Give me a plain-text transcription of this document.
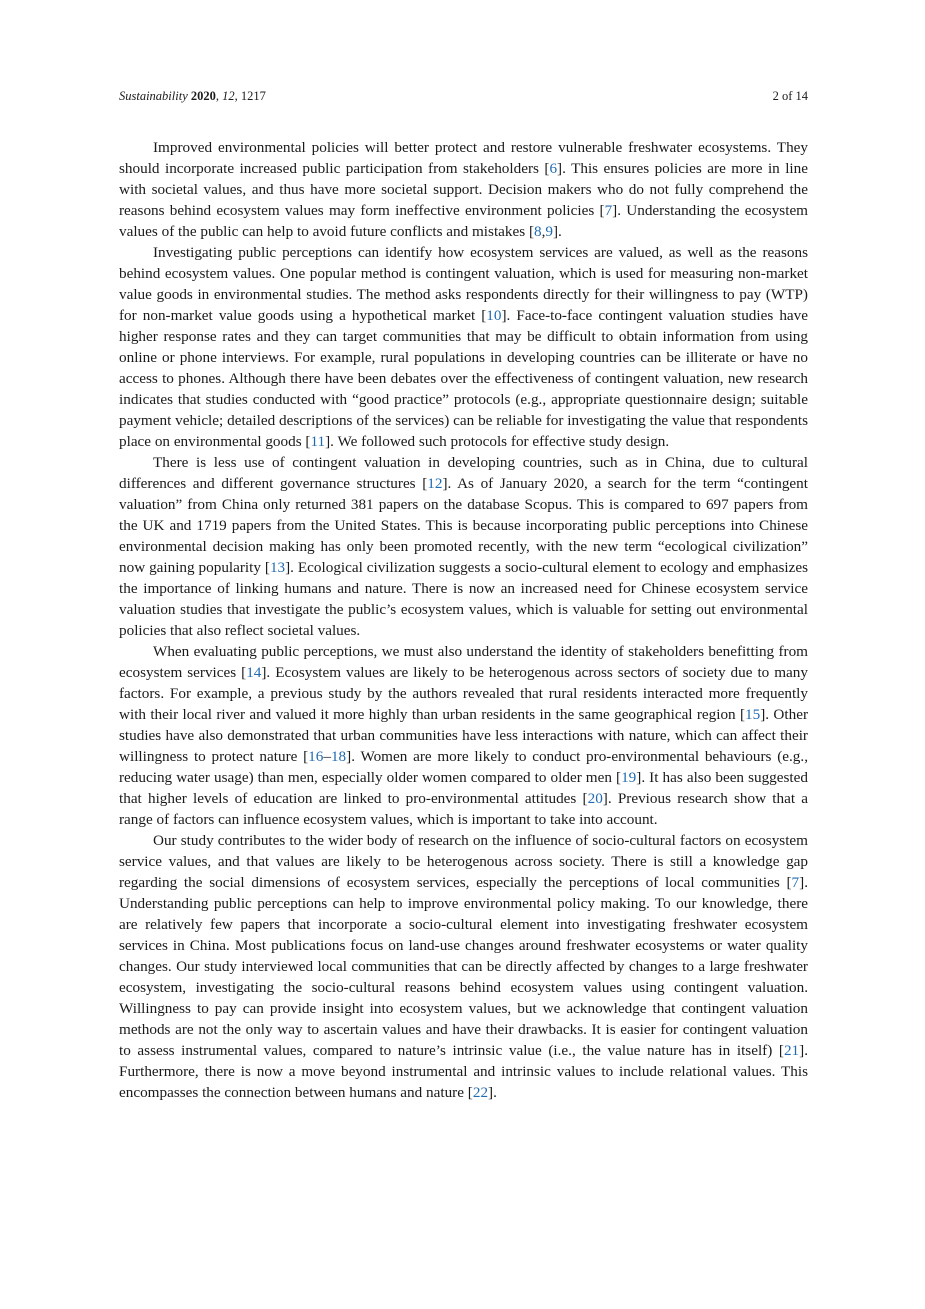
Sustainability 2020, 12, 1217	2 of 14

Improved environmental policies will better protect and restore vulnerable freshwater ecosystems. They should incorporate increased public participation from stakeholders [6]. This ensures policies are more in line with societal values, and thus have more societal support. Decision makers who do not fully comprehend the reasons behind ecosystem values may form ineffective environment policies [7]. Understanding the ecosystem values of the public can help to avoid future conflicts and mistakes [8,9].

Investigating public perceptions can identify how ecosystem services are valued, as well as the reasons behind ecosystem values. One popular method is contingent valuation, which is used for measuring non-market value goods in environmental studies. The method asks respondents directly for their willingness to pay (WTP) for non-market value goods using a hypothetical market [10]. Face-to-face contingent valuation studies have higher response rates and they can target communities that may be difficult to obtain information from using online or phone interviews. For example, rural populations in developing countries can be illiterate or have no access to phones. Although there have been debates over the effectiveness of contingent valuation, new research indicates that studies conducted with “good practice” protocols (e.g., appropriate questionnaire design; suitable payment vehicle; detailed descriptions of the services) can be reliable for investigating the value that respondents place on environmental goods [11]. We followed such protocols for effective study design.

There is less use of contingent valuation in developing countries, such as in China, due to cultural differences and different governance structures [12]. As of January 2020, a search for the term “contingent valuation” from China only returned 381 papers on the database Scopus. This is compared to 697 papers from the UK and 1719 papers from the United States. This is because incorporating public perceptions into Chinese environmental decision making has only been promoted recently, with the new term “ecological civilization” now gaining popularity [13]. Ecological civilization suggests a socio-cultural element to ecology and emphasizes the importance of linking humans and nature. There is now an increased need for Chinese ecosystem service valuation studies that investigate the public’s ecosystem values, which is valuable for setting out environmental policies that also reflect societal values.

When evaluating public perceptions, we must also understand the identity of stakeholders benefitting from ecosystem services [14]. Ecosystem values are likely to be heterogenous across sectors of society due to many factors. For example, a previous study by the authors revealed that rural residents interacted more frequently with their local river and valued it more highly than urban residents in the same geographical region [15]. Other studies have also demonstrated that urban communities have less interactions with nature, which can affect their willingness to protect nature [16–18]. Women are more likely to conduct pro-environmental behaviours (e.g., reducing water usage) than men, especially older women compared to older men [19]. It has also been suggested that higher levels of education are linked to pro-environmental attitudes [20]. Previous research show that a range of factors can influence ecosystem values, which is important to take into account.

Our study contributes to the wider body of research on the influence of socio-cultural factors on ecosystem service values, and that values are likely to be heterogenous across society. There is still a knowledge gap regarding the social dimensions of ecosystem services, especially the perceptions of local communities [7]. Understanding public perceptions can help to improve environmental policy making. To our knowledge, there are relatively few papers that incorporate a socio-cultural element into investigating freshwater ecosystem services in China. Most publications focus on land-use changes around freshwater ecosystems or water quality changes. Our study interviewed local communities that can be directly affected by changes to a large freshwater ecosystem, investigating the socio-cultural reasons behind ecosystem values using contingent valuation. Willingness to pay can provide insight into ecosystem values, but we acknowledge that contingent valuation methods are not the only way to ascertain values and have their drawbacks. It is easier for contingent valuation to assess instrumental values, compared to nature’s intrinsic value (i.e., the value nature has in itself) [21]. Furthermore, there is now a move beyond instrumental and intrinsic values to include relational values. This encompasses the connection between humans and nature [22].
